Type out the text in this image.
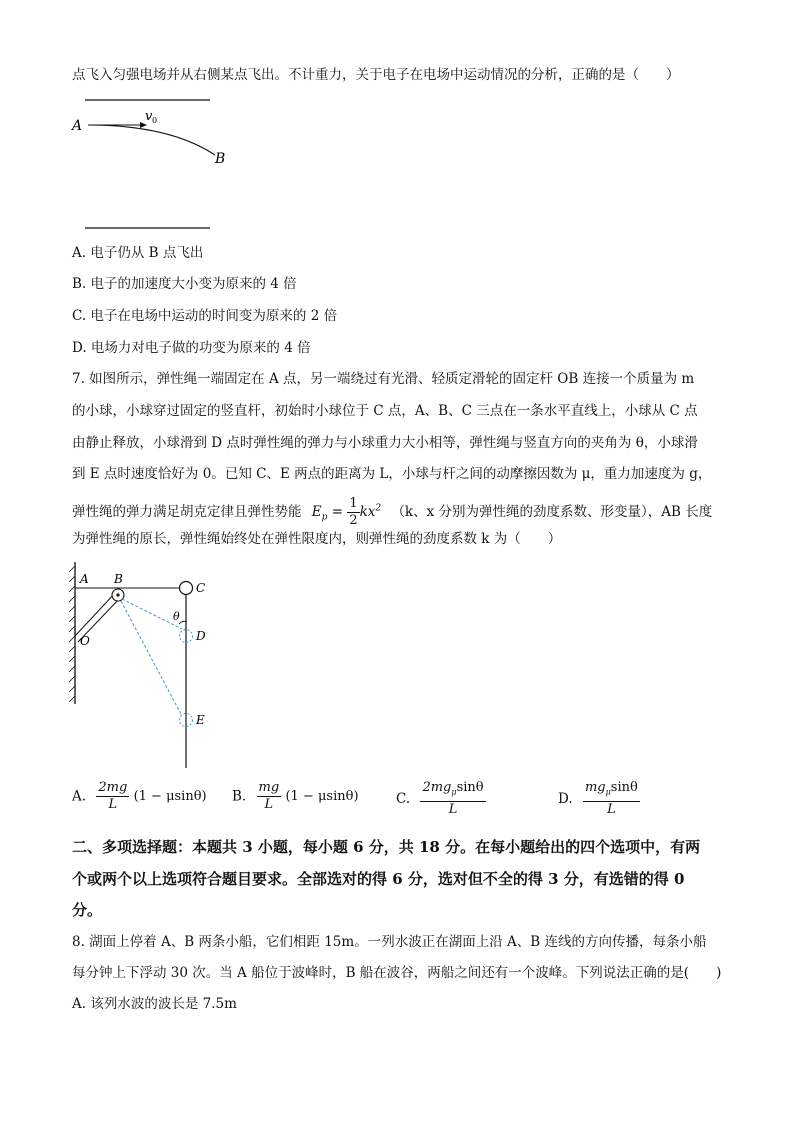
点飞入匀强电场并从右侧某点飞出。不计重力，关于电子在电场中运动情况的分析，正确的是（　　）
A
v 0
B
A. 电子仍从 B 点飞出
B. 电子的加速度大小变为原来的 4 倍
C. 电子在电场中运动的时间变为原来的 2 倍
D. 电场力对电子做的功变为原来的 4 倍
7. 如图所示，弹性绳一端固定在 A 点，另一端绕过有光滑、轻质定滑轮的固定杆 OB 连接一个质量为 m
的小球，小球穿过固定的竖直杆，初始时小球位于 C 点，A、B、C 三点在一条水平直线上，小球从 C 点
由静止释放，小球滑到 D 点时弹性绳的弹力与小球重力大小相等，弹性绳与竖直方向的夹角为 θ，小球滑
到 E 点时速度恰好为 0。已知 C、E 两点的距离为 L，小球与杆之间的动摩擦因数为 μ，重力加速度为 g，
弹性绳的弹力满足胡克定律且弹性势能 $E_p = \frac{1}{2} kx^2$ （k、x 分别为弹性绳的劲度系数、形变量），AB 长度
为弹性绳的原长，弹性绳始终处在弹性限度内，则弹性绳的劲度系数 k 为（　　）
A B
C
θ
D
O
E
A. $\frac{2mg}{L} (1 - \mu\sin\theta)$ B. $\frac{mg}{L} (1 - \mu\sin\theta)$	C. $\frac{2mg_\mu\sin\theta}{L}$	D. $\frac{mg_\mu\sin\theta}{L}$
二、多项选择题：本题共 3 小题，每小题 6 分，共 18 分。在每小题给出的四个选项中，有两
个或两个以上选项符合题目要求。全部选对的得 6 分，选对但不全的得 3 分，有选错的得 0
分。
8. 湖面上停着 A、B 两条小船，它们相距 15m。一列水波正在湖面上沿 A、B 连线的方向传播，每条小船
每分钟上下浮动 30 次。当 A 船位于波峰时，B 船在波谷，两船之间还有一个波峰。下列说法正确的是(　　)
A. 该列水波的波长是 7.5m
